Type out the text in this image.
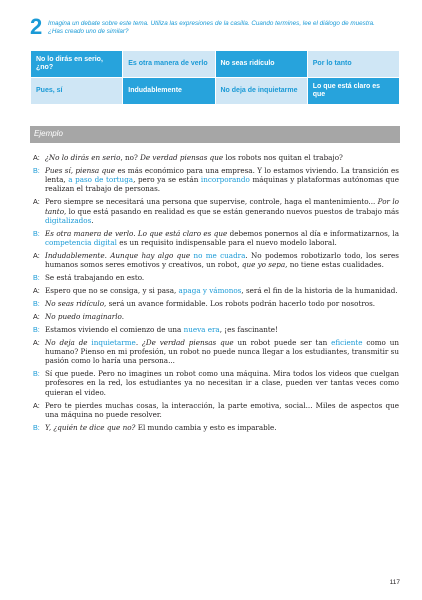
2 Imagina un debate sobre este tema. Utiliza las expresiones de la casilla. Cuando termines, lee el diálogo de muestra. ¿Has creado uno de similar?
No lo dirás en serio, ¿no?	Es otra manera de verlo	No seas ridículo	Por lo tanto
Pues, sí	Indudablemente	No deja de inquietarme	Lo que está claro es que
Ejemplo
A: ¿No lo dirás en serio, no? De verdad piensas que los robots nos quitan el trabajo?
B: Pues sí, piensa que es más económico para una empresa. Y lo estamos viviendo. La transición es lenta, a paso de tortuga, pero ya se están incorporando máquinas y plataformas autónomas que realizan el trabajo de personas.
A: Pero siempre se necesitará una persona que supervise, controle, haga el mantenimiento... Por lo tanto, lo que está pasando en realidad es que se están generando nuevos puestos de trabajo más digitalizados.
B: Es otra manera de verlo. Lo que está claro es que debemos ponernos al día e informatizarnos, la competencia digital es un requisito indispensable para el nuevo modelo laboral.
A: Indudablemente. Aunque hay algo que no me cuadra. No podemos robotizarlo todo, los seres humanos somos seres emotivos y creativos, un robot, que yo sepa, no tiene estas cualidades.
B: Se está trabajando en esto.
A: Espero que no se consiga, y si pasa, apaga y vámonos, será el fin de la historia de la humanidad.
B: No seas ridículo, será un avance formidable. Los robots podrán hacerlo todo por nosotros.
A: No puedo imaginarlo.
B: Estamos viviendo el comienzo de una nueva era, ¡es fascinante!
A: No deja de inquietarme. ¿De verdad piensas que un robot puede ser tan eficiente como un humano? Pienso en mi profesión, un robot no puede nunca llegar a los estudiantes, transmitir su pasión como lo haría una persona...
B: Sí que puede. Pero no imagines un robot como una máquina. Mira todos los videos que cuelgan profesores en la red, los estudiantes ya no necesitan ir a clase, pueden ver tantas veces como quieran el video.
A: Pero te pierdes muchas cosas, la interacción, la parte emotiva, social... Miles de aspectos que una máquina no puede resolver.
B: Y, ¿quién te dice que no? El mundo cambia y esto es imparable.
117
